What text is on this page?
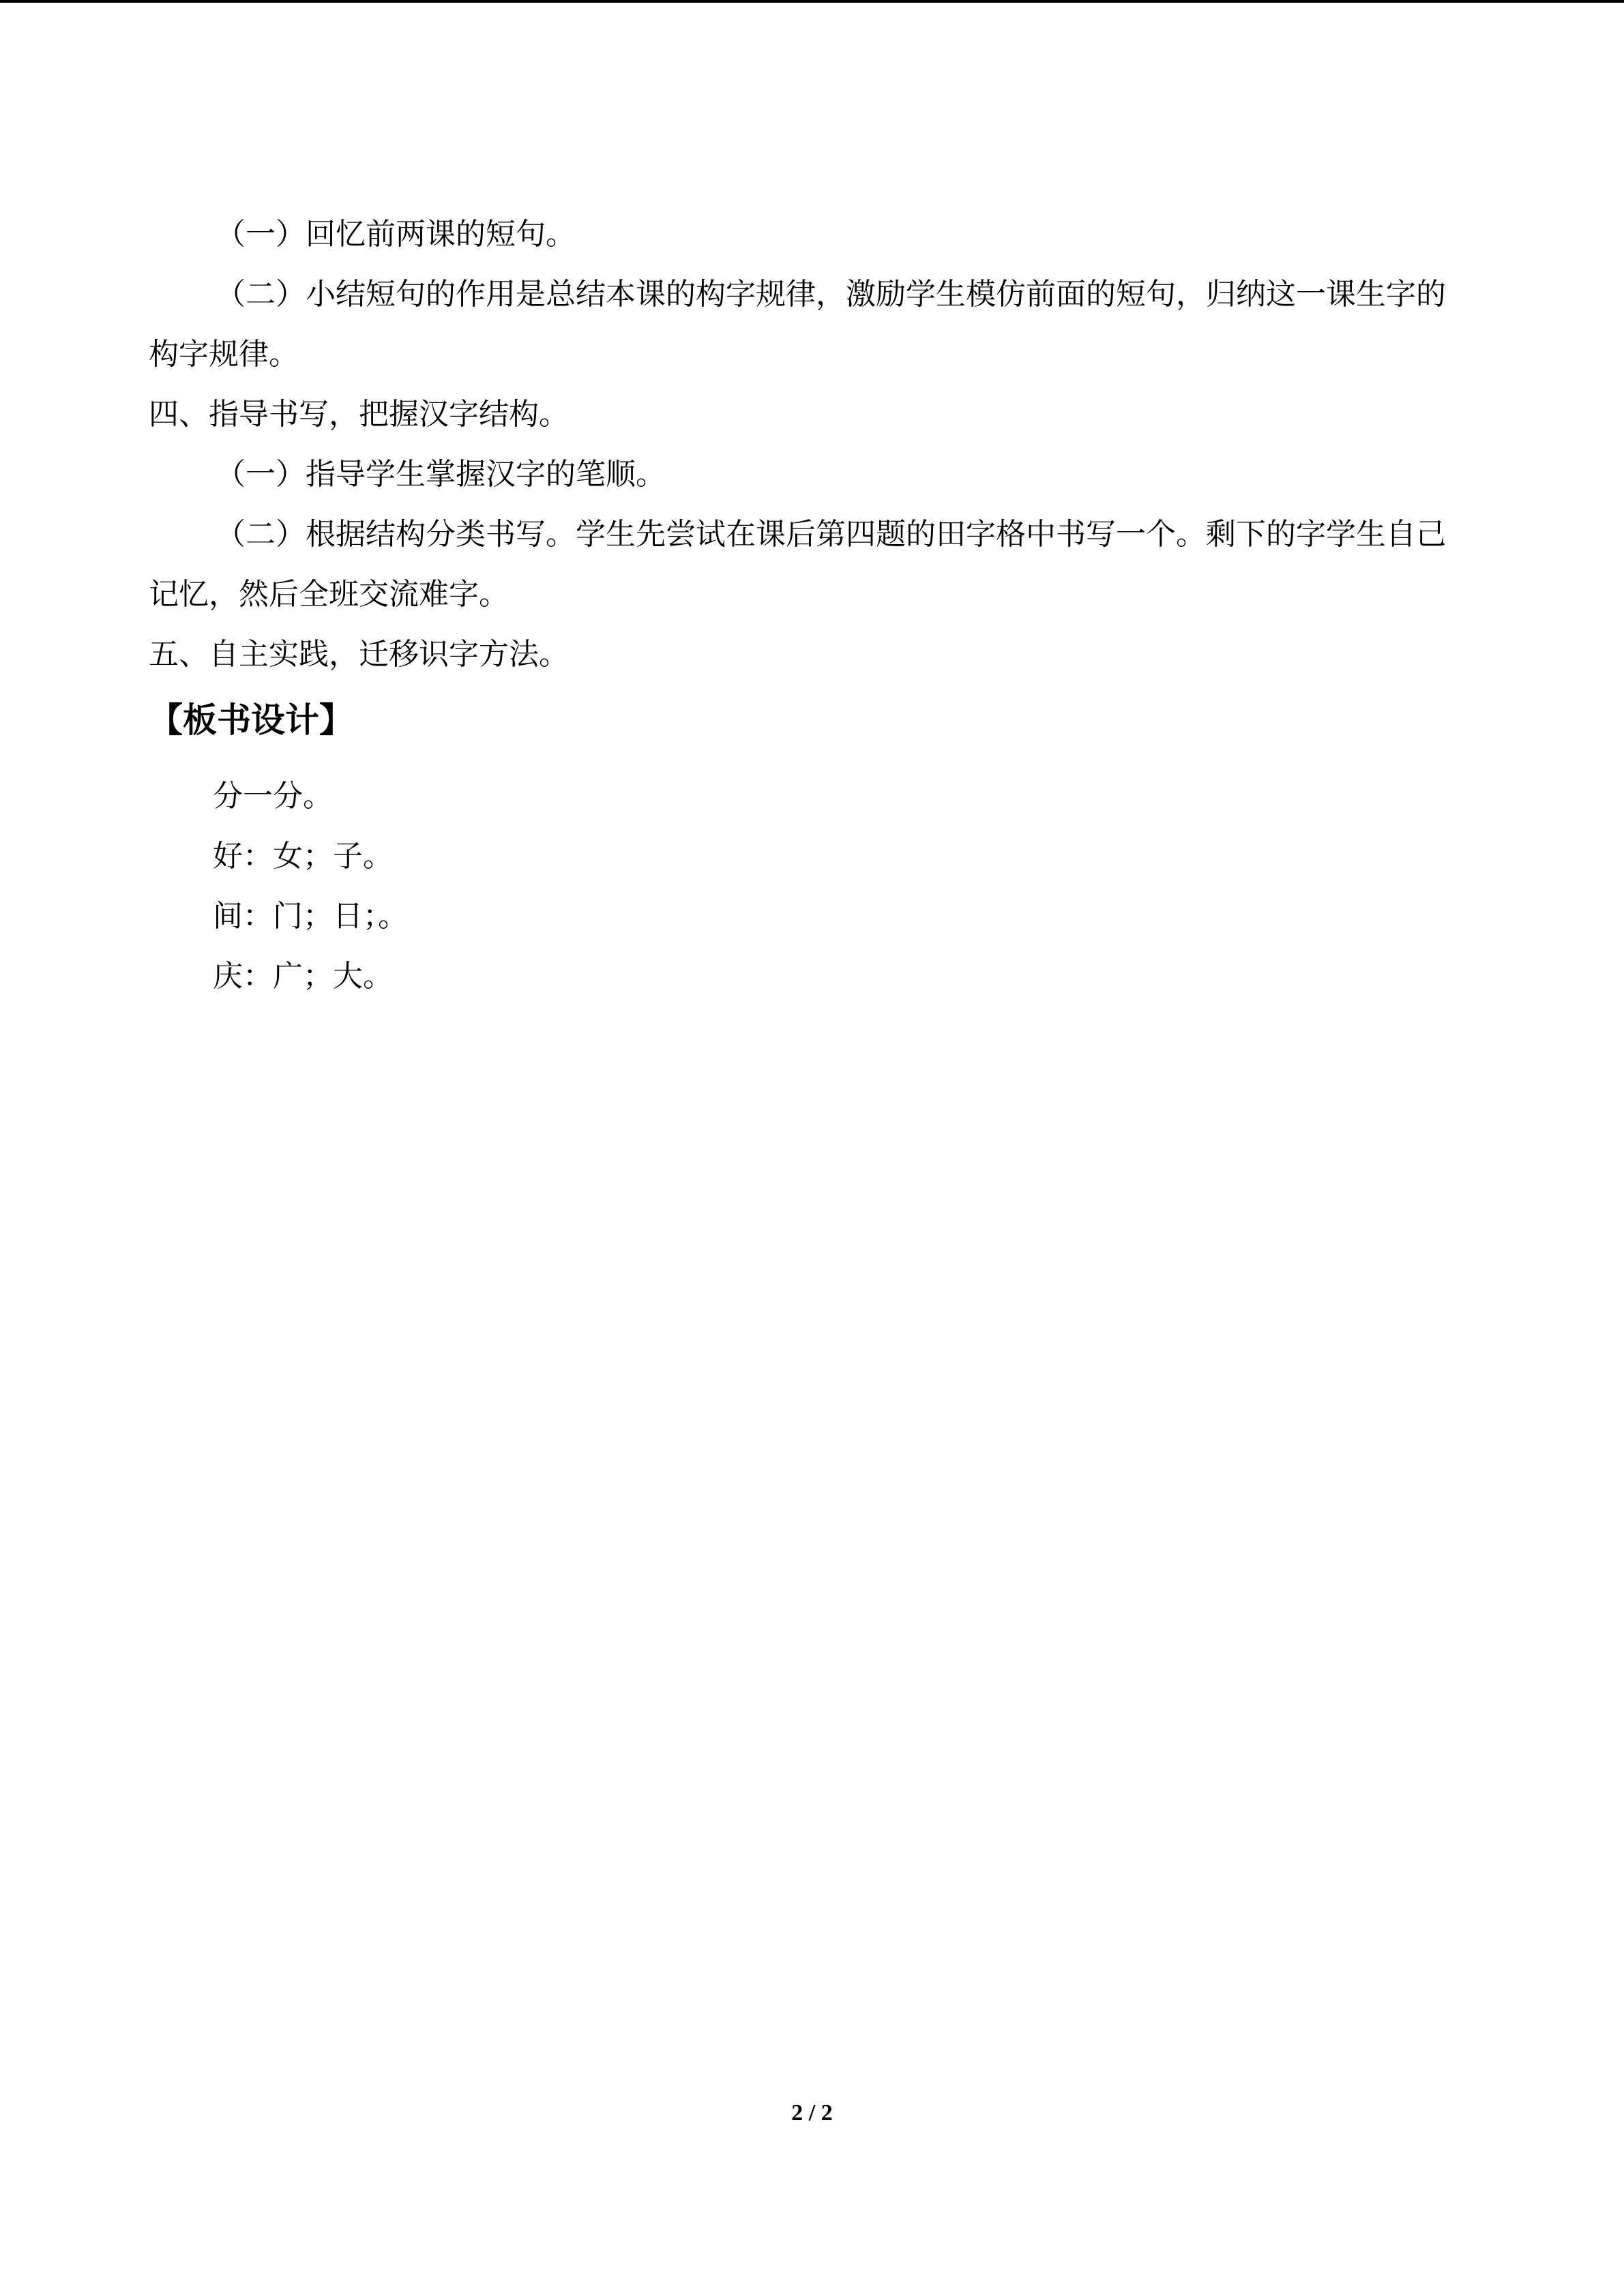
（一）回忆前两课的短句。

（二）小结短句的作用是总结本课的构字规律，激励学生模仿前面的短句，归纳这一课生字的构字规律。

四、指导书写，把握汉字结构。

（一）指导学生掌握汉字的笔顺。

（二）根据结构分类书写。学生先尝试在课后第四题的田字格中书写一个。剩下的字学生自己记忆，然后全班交流难字。

五、自主实践，迁移识字方法。

【板书设计】

分一分。

好：女；子。

间：门；日；。

庆：广；大。

2 / 2
